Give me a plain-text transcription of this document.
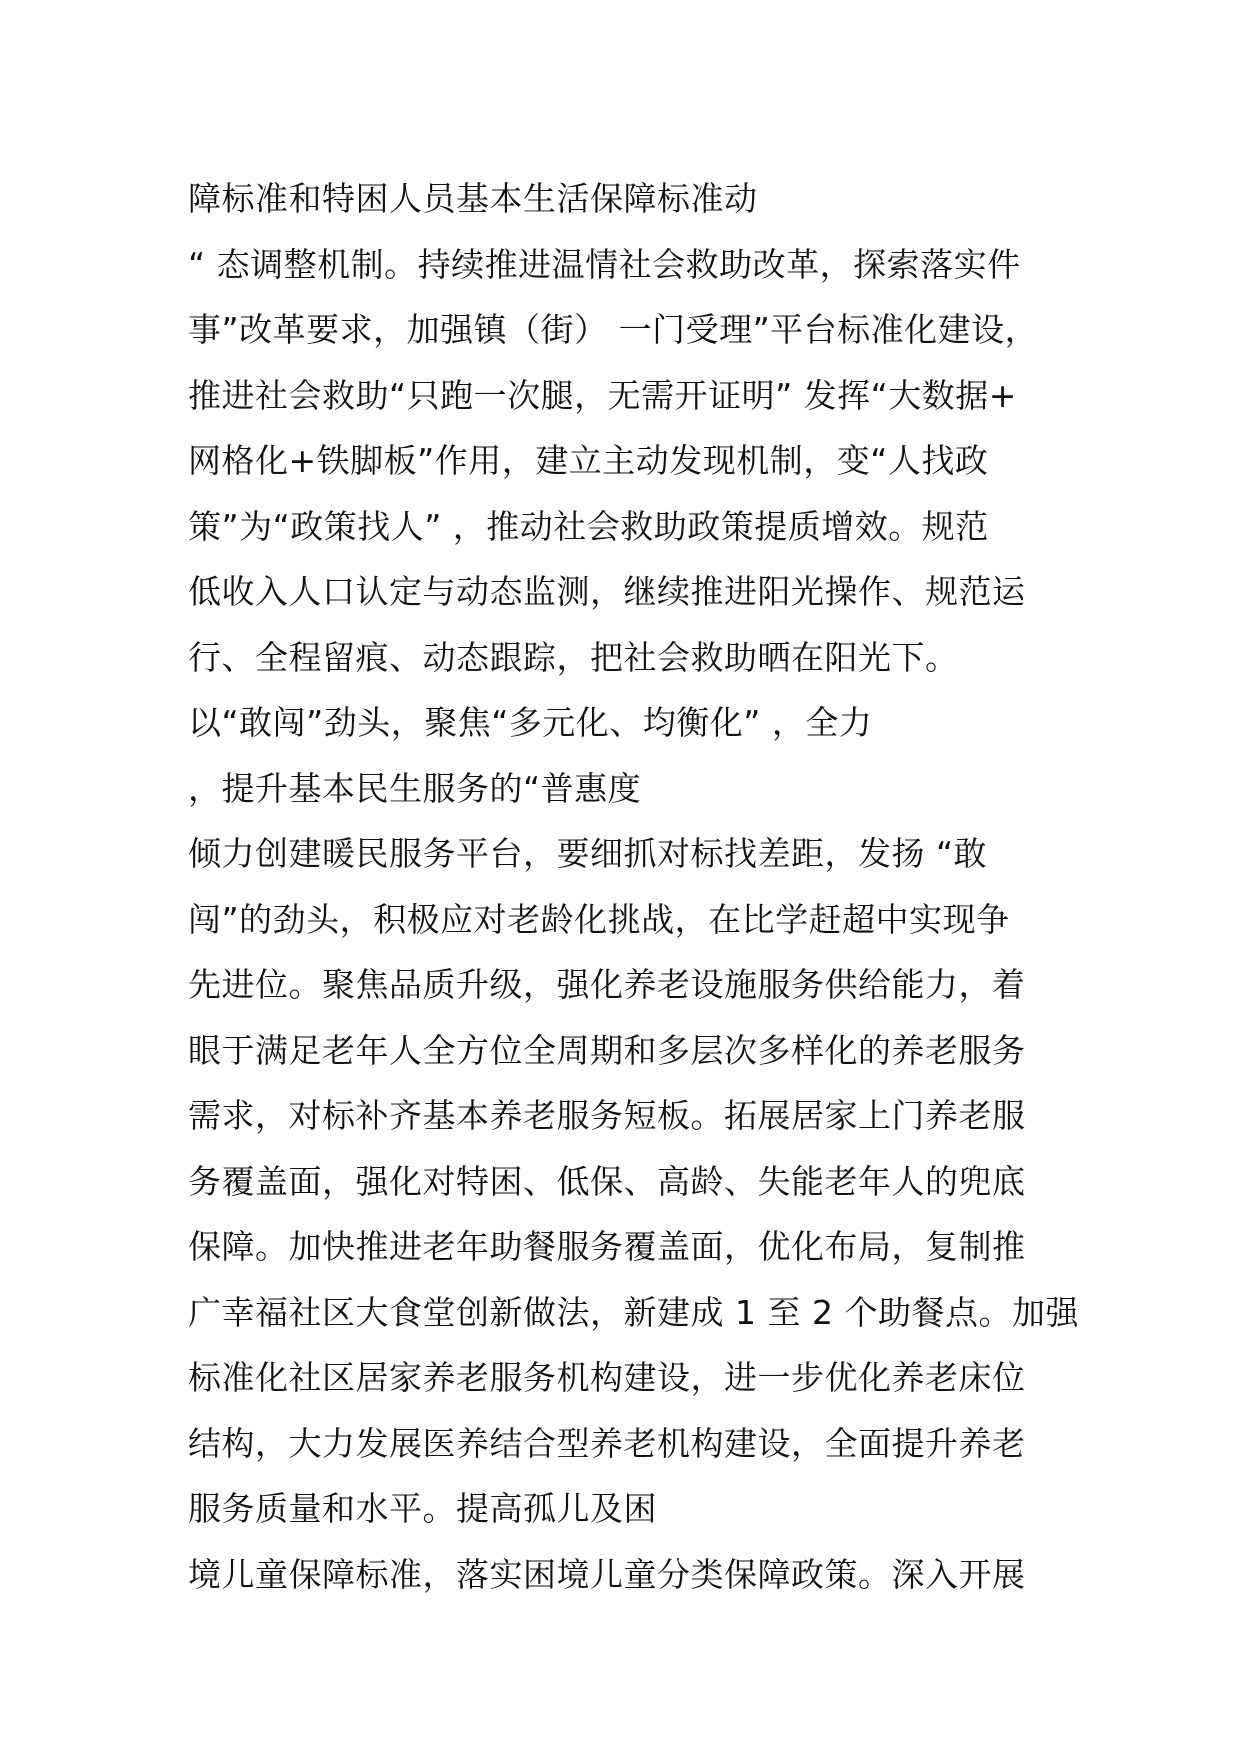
障标准和特困人员基本生活保障标准动
“ 态调整机制。持续推进温情社会救助改革，探索落实件
事”改革要求，加强镇（街） 一门受理”平台标准化建设，
推进社会救助“只跑一次腿，无需开证明” 发挥“大数据+
网格化+铁脚板”作用，建立主动发现机制，变“人找政
策”为“政策找人” ，推动社会救助政策提质增效。规范
低收入人口认定与动态监测，继续推进阳光操作、规范运
行、全程留痕、动态跟踪，把社会救助晒在阳光下。
以“敢闯”劲头，聚焦“多元化、均衡化” ，全力
，提升基本民生服务的“普惠度
倾力创建暖民服务平台，要细抓对标找差距，发扬 “敢
闯”的劲头，积极应对老龄化挑战，在比学赶超中实现争
先进位。聚焦品质升级，强化养老设施服务供给能力，着
眼于满足老年人全方位全周期和多层次多样化的养老服务
需求，对标补齐基本养老服务短板。拓展居家上门养老服
务覆盖面，强化对特困、低保、高龄、失能老年人的兜底
保障。加快推进老年助餐服务覆盖面，优化布局，复制推
广幸福社区大食堂创新做法，新建成 1 至 2 个助餐点。加强
标准化社区居家养老服务机构建设，进一步优化养老床位
结构，大力发展医养结合型养老机构建设，全面提升养老
服务质量和水平。提高孤儿及困
境儿童保障标准，落实困境儿童分类保障政策。深入开展
